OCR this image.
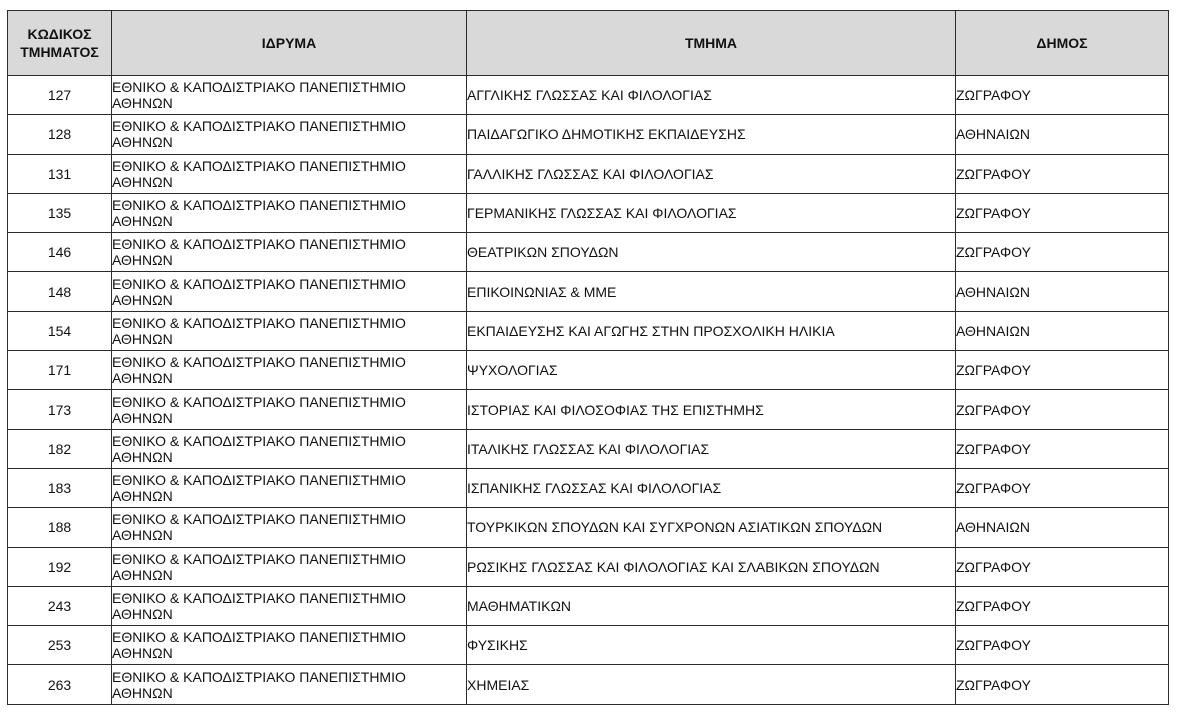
ΚΩΔΙΚΟΣ
ΤΜΗΜΑΤΟΣ	ΙΔΡΥΜΑ	ΤΜΗΜΑ	ΔΗΜΟΣ
127	ΕΘΝΙΚΟ & ΚΑΠΟΔΙΣΤΡΙΑΚΟ ΠΑΝΕΠΙΣΤΗΜΙΟ ΑΘΗΝΩΝ	ΑΓΓΛΙΚΗΣ ΓΛΩΣΣΑΣ ΚΑΙ ΦΙΛΟΛΟΓΙΑΣ	ΖΩΓΡΑΦΟΥ
128	ΕΘΝΙΚΟ & ΚΑΠΟΔΙΣΤΡΙΑΚΟ ΠΑΝΕΠΙΣΤΗΜΙΟ ΑΘΗΝΩΝ	ΠΑΙΔΑΓΩΓΙΚΟ ΔΗΜΟΤΙΚΗΣ ΕΚΠΑΙΔΕΥΣΗΣ	ΑΘΗΝΑΙΩΝ
131	ΕΘΝΙΚΟ & ΚΑΠΟΔΙΣΤΡΙΑΚΟ ΠΑΝΕΠΙΣΤΗΜΙΟ ΑΘΗΝΩΝ	ΓΑΛΛΙΚΗΣ ΓΛΩΣΣΑΣ ΚΑΙ ΦΙΛΟΛΟΓΙΑΣ	ΖΩΓΡΑΦΟΥ
135	ΕΘΝΙΚΟ & ΚΑΠΟΔΙΣΤΡΙΑΚΟ ΠΑΝΕΠΙΣΤΗΜΙΟ ΑΘΗΝΩΝ	ΓΕΡΜΑΝΙΚΗΣ ΓΛΩΣΣΑΣ ΚΑΙ ΦΙΛΟΛΟΓΙΑΣ	ΖΩΓΡΑΦΟΥ
146	ΕΘΝΙΚΟ & ΚΑΠΟΔΙΣΤΡΙΑΚΟ ΠΑΝΕΠΙΣΤΗΜΙΟ ΑΘΗΝΩΝ	ΘΕΑΤΡΙΚΩΝ ΣΠΟΥΔΩΝ	ΖΩΓΡΑΦΟΥ
148	ΕΘΝΙΚΟ & ΚΑΠΟΔΙΣΤΡΙΑΚΟ ΠΑΝΕΠΙΣΤΗΜΙΟ ΑΘΗΝΩΝ	ΕΠΙΚΟΙΝΩΝΙΑΣ & ΜΜΕ	ΑΘΗΝΑΙΩΝ
154	ΕΘΝΙΚΟ & ΚΑΠΟΔΙΣΤΡΙΑΚΟ ΠΑΝΕΠΙΣΤΗΜΙΟ ΑΘΗΝΩΝ	ΕΚΠΑΙΔΕΥΣΗΣ ΚΑΙ ΑΓΩΓΗΣ ΣΤΗΝ ΠΡΟΣΧΟΛΙΚΗ ΗΛΙΚΙΑ	ΑΘΗΝΑΙΩΝ
171	ΕΘΝΙΚΟ & ΚΑΠΟΔΙΣΤΡΙΑΚΟ ΠΑΝΕΠΙΣΤΗΜΙΟ ΑΘΗΝΩΝ	ΨΥΧΟΛΟΓΙΑΣ	ΖΩΓΡΑΦΟΥ
173	ΕΘΝΙΚΟ & ΚΑΠΟΔΙΣΤΡΙΑΚΟ ΠΑΝΕΠΙΣΤΗΜΙΟ ΑΘΗΝΩΝ	ΙΣΤΟΡΙΑΣ ΚΑΙ ΦΙΛΟΣΟΦΙΑΣ ΤΗΣ ΕΠΙΣΤΗΜΗΣ	ΖΩΓΡΑΦΟΥ
182	ΕΘΝΙΚΟ & ΚΑΠΟΔΙΣΤΡΙΑΚΟ ΠΑΝΕΠΙΣΤΗΜΙΟ ΑΘΗΝΩΝ	ΙΤΑΛΙΚΗΣ ΓΛΩΣΣΑΣ ΚΑΙ ΦΙΛΟΛΟΓΙΑΣ	ΖΩΓΡΑΦΟΥ
183	ΕΘΝΙΚΟ & ΚΑΠΟΔΙΣΤΡΙΑΚΟ ΠΑΝΕΠΙΣΤΗΜΙΟ ΑΘΗΝΩΝ	ΙΣΠΑΝΙΚΗΣ ΓΛΩΣΣΑΣ ΚΑΙ ΦΙΛΟΛΟΓΙΑΣ	ΖΩΓΡΑΦΟΥ
188	ΕΘΝΙΚΟ & ΚΑΠΟΔΙΣΤΡΙΑΚΟ ΠΑΝΕΠΙΣΤΗΜΙΟ ΑΘΗΝΩΝ	ΤΟΥΡΚΙΚΩΝ ΣΠΟΥΔΩΝ ΚΑΙ ΣΥΓΧΡΟΝΩΝ ΑΣΙΑΤΙΚΩΝ ΣΠΟΥΔΩΝ	ΑΘΗΝΑΙΩΝ
192	ΕΘΝΙΚΟ & ΚΑΠΟΔΙΣΤΡΙΑΚΟ ΠΑΝΕΠΙΣΤΗΜΙΟ ΑΘΗΝΩΝ	ΡΩΣΙΚΗΣ ΓΛΩΣΣΑΣ ΚΑΙ ΦΙΛΟΛΟΓΙΑΣ ΚΑΙ ΣΛΑΒΙΚΩΝ ΣΠΟΥΔΩΝ	ΖΩΓΡΑΦΟΥ
243	ΕΘΝΙΚΟ & ΚΑΠΟΔΙΣΤΡΙΑΚΟ ΠΑΝΕΠΙΣΤΗΜΙΟ ΑΘΗΝΩΝ	ΜΑΘΗΜΑΤΙΚΩΝ	ΖΩΓΡΑΦΟΥ
253	ΕΘΝΙΚΟ & ΚΑΠΟΔΙΣΤΡΙΑΚΟ ΠΑΝΕΠΙΣΤΗΜΙΟ ΑΘΗΝΩΝ	ΦΥΣΙΚΗΣ	ΖΩΓΡΑΦΟΥ
263	ΕΘΝΙΚΟ & ΚΑΠΟΔΙΣΤΡΙΑΚΟ ΠΑΝΕΠΙΣΤΗΜΙΟ ΑΘΗΝΩΝ	ΧΗΜΕΙΑΣ	ΖΩΓΡΑΦΟΥ
